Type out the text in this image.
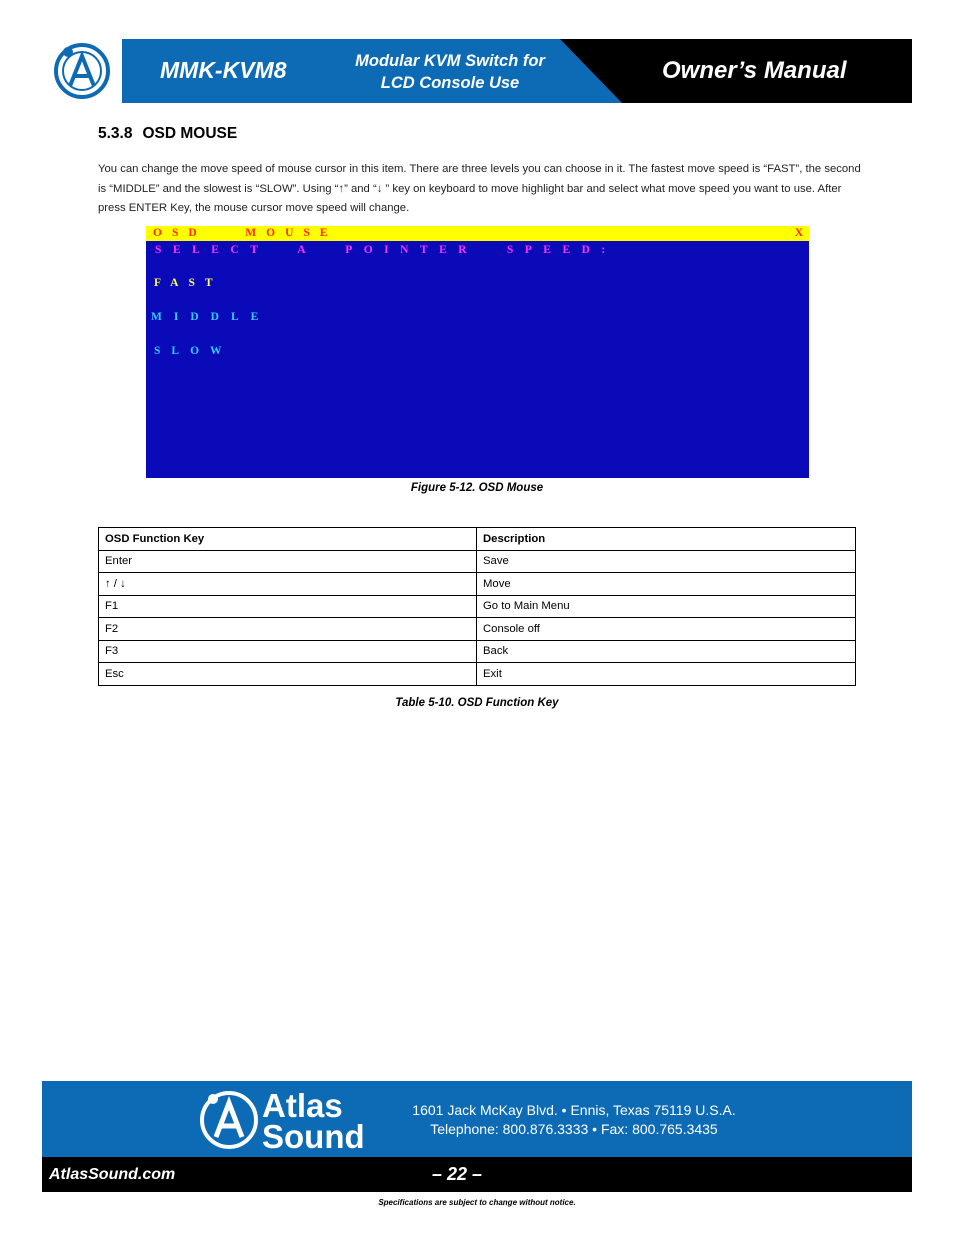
MMK-KVM8	Modular KVM Switch for
LCD Console Use	Owner’s Manual
5.3.8 OSD MOUSE
You can change the move speed of mouse cursor in this item. There are three levels you can choose in it. The fastest move speed is “FAST”, the second is “MIDDLE” and the slowest is “SLOW”. Using “↑” and “↓ ” key on keyboard to move highlight bar and select what move speed you want to use. After press ENTER Key, the mouse cursor move speed will change.
OSD   MOUSE	X
SELECT  A  POINTER  SPEED:
FAST
MIDDLE
SLOW
Figure 5-12. OSD Mouse
OSD Function Key	Description
Enter	Save
↑ / ↓	Move
F1	Go to Main Menu
F2	Console off
F3	Back
Esc	Exit
Table 5-10. OSD Function Key
Atlas
Sound
1601 Jack McKay Blvd. • Ennis, Texas 75119 U.S.A.
Telephone: 800.876.3333 • Fax: 800.765.3435
AtlasSound.com	– 22 –
Specifications are subject to change without notice.
